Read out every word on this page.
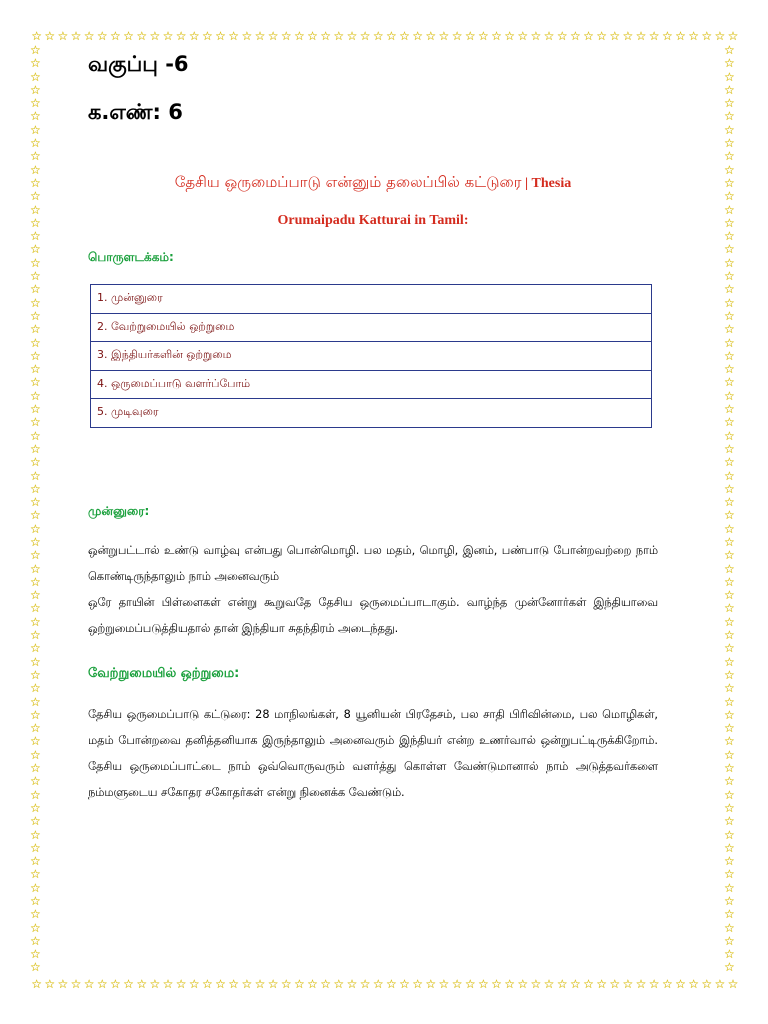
☆ ☆ ☆ ☆ ☆ ☆ ☆ ☆ ☆ ☆ ☆ ☆ ☆ ☆ ☆ ☆ ☆ ☆ ☆ ☆ ☆ ☆ ☆ ☆ ☆ ☆ ☆ ☆ ☆ ☆ ☆ ☆ ☆ ☆ ☆ ☆ ☆ ☆ ☆ ☆ ☆ ☆ ☆ ☆ ☆ ☆ ☆ ☆ ☆ ☆ ☆ ☆ ☆ ☆
☆ ☆ ☆ ☆ ☆ ☆ ☆ ☆ ☆ ☆ ☆ ☆ ☆ ☆ ☆ ☆ ☆ ☆ ☆ ☆ ☆ ☆ ☆ ☆ ☆ ☆ ☆ ☆ ☆ ☆ ☆ ☆ ☆ ☆ ☆ ☆ ☆ ☆ ☆ ☆ ☆ ☆ ☆ ☆ ☆ ☆ ☆ ☆ ☆ ☆ ☆ ☆ ☆ ☆
☆
☆
☆
☆
☆
☆
☆
☆
☆
☆
☆
☆
☆
☆
☆
☆
☆
☆
☆
☆
☆
☆
☆
☆
☆
☆
☆
☆
☆
☆
☆
☆
☆
☆
☆
☆
☆
☆
☆
☆
☆
☆
☆
☆
☆
☆
☆
☆
☆
☆
☆
☆
☆
☆
☆
☆
☆
☆
☆
☆
☆
☆
☆
☆
☆
☆
☆
☆
☆
☆
☆
☆
☆
☆
☆
☆
☆
☆
☆
☆
☆
☆
☆
☆
☆
☆
☆
☆
☆
☆
☆
☆
☆
☆
☆
☆
☆
☆
☆
☆
☆
☆
☆
☆
☆
☆
☆
☆
☆
☆
☆
☆
☆
☆
☆
☆
☆
☆
☆
☆
☆
☆
☆
☆
☆
☆
☆
☆
☆
☆
☆
☆
☆
☆
☆
☆
☆
☆
☆
☆

வகுப்பு -6

க.எண்: 6

தேசிய ஒருமைப்பாடு என்னும் தலைப்பில் கட்டுரை | Thesia
Orumaipadu Katturai in Tamil:
பொருளடக்கம்:
1. முன்னுரை
2. வேற்றுமையில் ஒற்றுமை
3. இந்தியர்களின் ஒற்றுமை
4. ஒருமைப்பாடு வளர்ப்போம்
5. முடிவுரை
முன்னுரை:

ஒன்றுபட்டால் உண்டு வாழ்வு என்பது பொன்மொழி. பல மதம், மொழி, இனம், பண்பாடு போன்றவற்றை நாம் கொண்டிருந்தாலும் நாம் அனைவரும்

ஒரே தாயின் பிள்ளைகள் என்று கூறுவதே தேசிய ஒருமைப்பாடாகும். வாழ்ந்த முன்னோர்கள் இந்தியாவை ஒற்றுமைப்படுத்தியதால் தான் இந்தியா சுதந்திரம் அடைந்தது.

வேற்றுமையில் ஒற்றுமை:

தேசிய ஒருமைப்பாடு கட்டுரை: 28 மாநிலங்கள், 8 யூனியன் பிரதேசம், பல சாதி பிரிவின்மை, பல மொழிகள், மதம் போன்றவை தனித்தனியாக இருந்தாலும் அனைவரும் இந்தியர் என்ற உணர்வால் ஒன்றுபட்டிருக்கிறோம். தேசிய ஒருமைப்பாட்டை நாம் ஒவ்வொருவரும் வளர்த்து கொள்ள வேண்டுமானால் நாம் அடுத்தவர்களை நம்மளுடைய சகோதர சகோதர்கள் என்று நினைக்க வேண்டும்.
